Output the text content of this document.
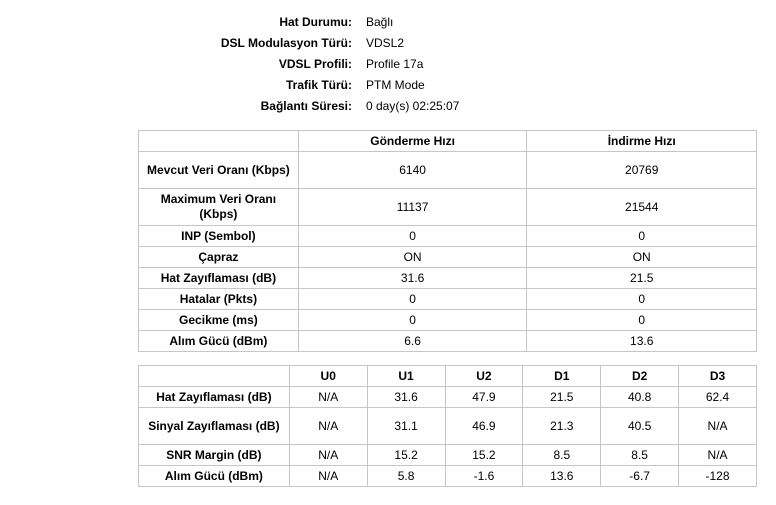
Hat Durumu: Bağlı
DSL Modulasyon Türü: VDSL2
VDSL Profili: Profile 17a
Trafik Türü: PTM Mode
Bağlantı Süresi: 0 day(s) 02:25:07
	Gönderme Hızı	İndirme Hızı
Mevcut Veri Oranı (Kbps)	6140	20769
Maximum Veri Oranı (Kbps)	11137	21544
INP (Sembol)	0	0
Çapraz	ON	ON
Hat Zayıflaması (dB)	31.6	21.5
Hatalar (Pkts)	0	0
Gecikme (ms)	0	0
Alım Gücü (dBm)	6.6	13.6
	U0	U1	U2	D1	D2	D3
Hat Zayıflaması (dB)	N/A	31.6	47.9	21.5	40.8	62.4
Sinyal Zayıflaması (dB)	N/A	31.1	46.9	21.3	40.5	N/A
SNR Margin (dB)	N/A	15.2	15.2	8.5	8.5	N/A
Alım Gücü (dBm)	N/A	5.8	-1.6	13.6	-6.7	-128
